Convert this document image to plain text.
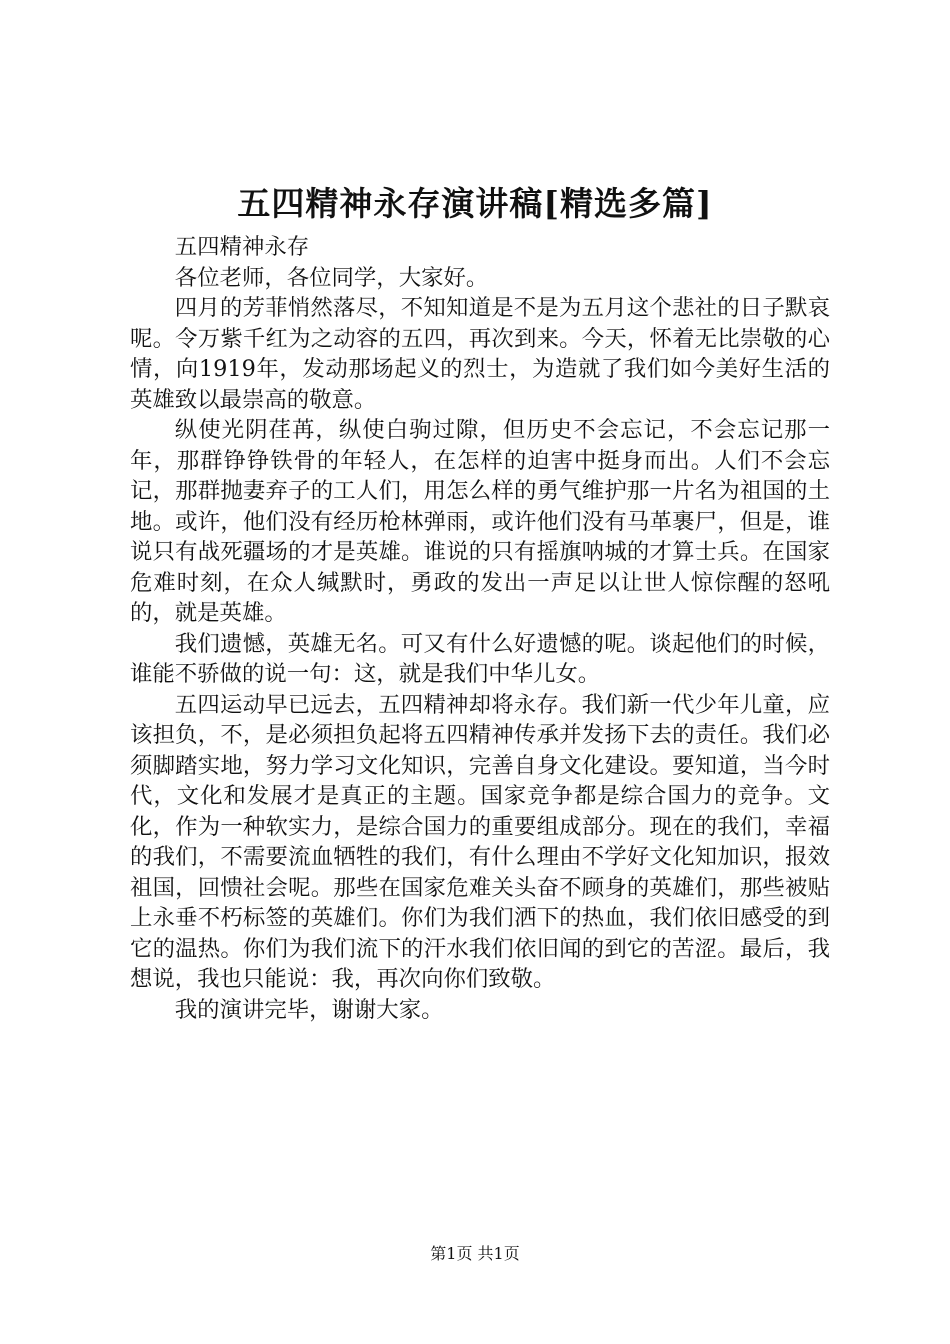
五四精神永存演讲稿[精选多篇]

五四精神永存

各位老师，各位同学，大家好。

四月的芳菲悄然落尽，不知知道是不是为五月这个悲社的日子默哀呢。令万紫千红为之动容的五四，再次到来。今天，怀着无比崇敬的心情，向1919年，发动那场起义的烈士，为造就了我们如今美好生活的英雄致以最崇高的敬意。

纵使光阴荏苒，纵使白驹过隙，但历史不会忘记，不会忘记那一年，那群铮铮铁骨的年轻人，在怎样的迫害中挺身而出。人们不会忘记，那群抛妻弃子的工人们，用怎么样的勇气维护那一片名为祖国的土地。或许，他们没有经历枪林弹雨，或许他们没有马革裹尸，但是，谁说只有战死疆场的才是英雄。谁说的只有摇旗呐城的才算士兵。在国家危难时刻，在众人缄默时，勇政的发出一声足以让世人惊倧醒的怒吼的，就是英雄。

我们遗憾，英雄无名。可又有什么好遗憾的呢。谈起他们的时候，谁能不骄做的说一句：这，就是我们中华儿女。

五四运动早已远去，五四精神却将永存。我们新一代少年儿童，应该担负，不，是必须担负起将五四精神传承并发扬下去的责任。我们必须脚踏实地，努力学习文化知识，完善自身文化建设。要知道，当今时代，文化和发展才是真正的主题。国家竞争都是综合国力的竞争。文化，作为一种软实力，是综合国力的重要组成部分。现在的我们，幸福的我们，不需要流血牺牲的我们，有什么理由不学好文化知加识，报效祖国，回愦社会呢。那些在国家危难关头奋不顾身的英雄们，那些被贴上永垂不朽标签的英雄们。你们为我们洒下的热血，我们依旧感受的到它的温热。你们为我们流下的汗水我们依旧闻的到它的苦涩。最后，我想说，我也只能说：我，再次向你们致敬。

我的演讲完毕，谢谢大家。

第1页 共1页
